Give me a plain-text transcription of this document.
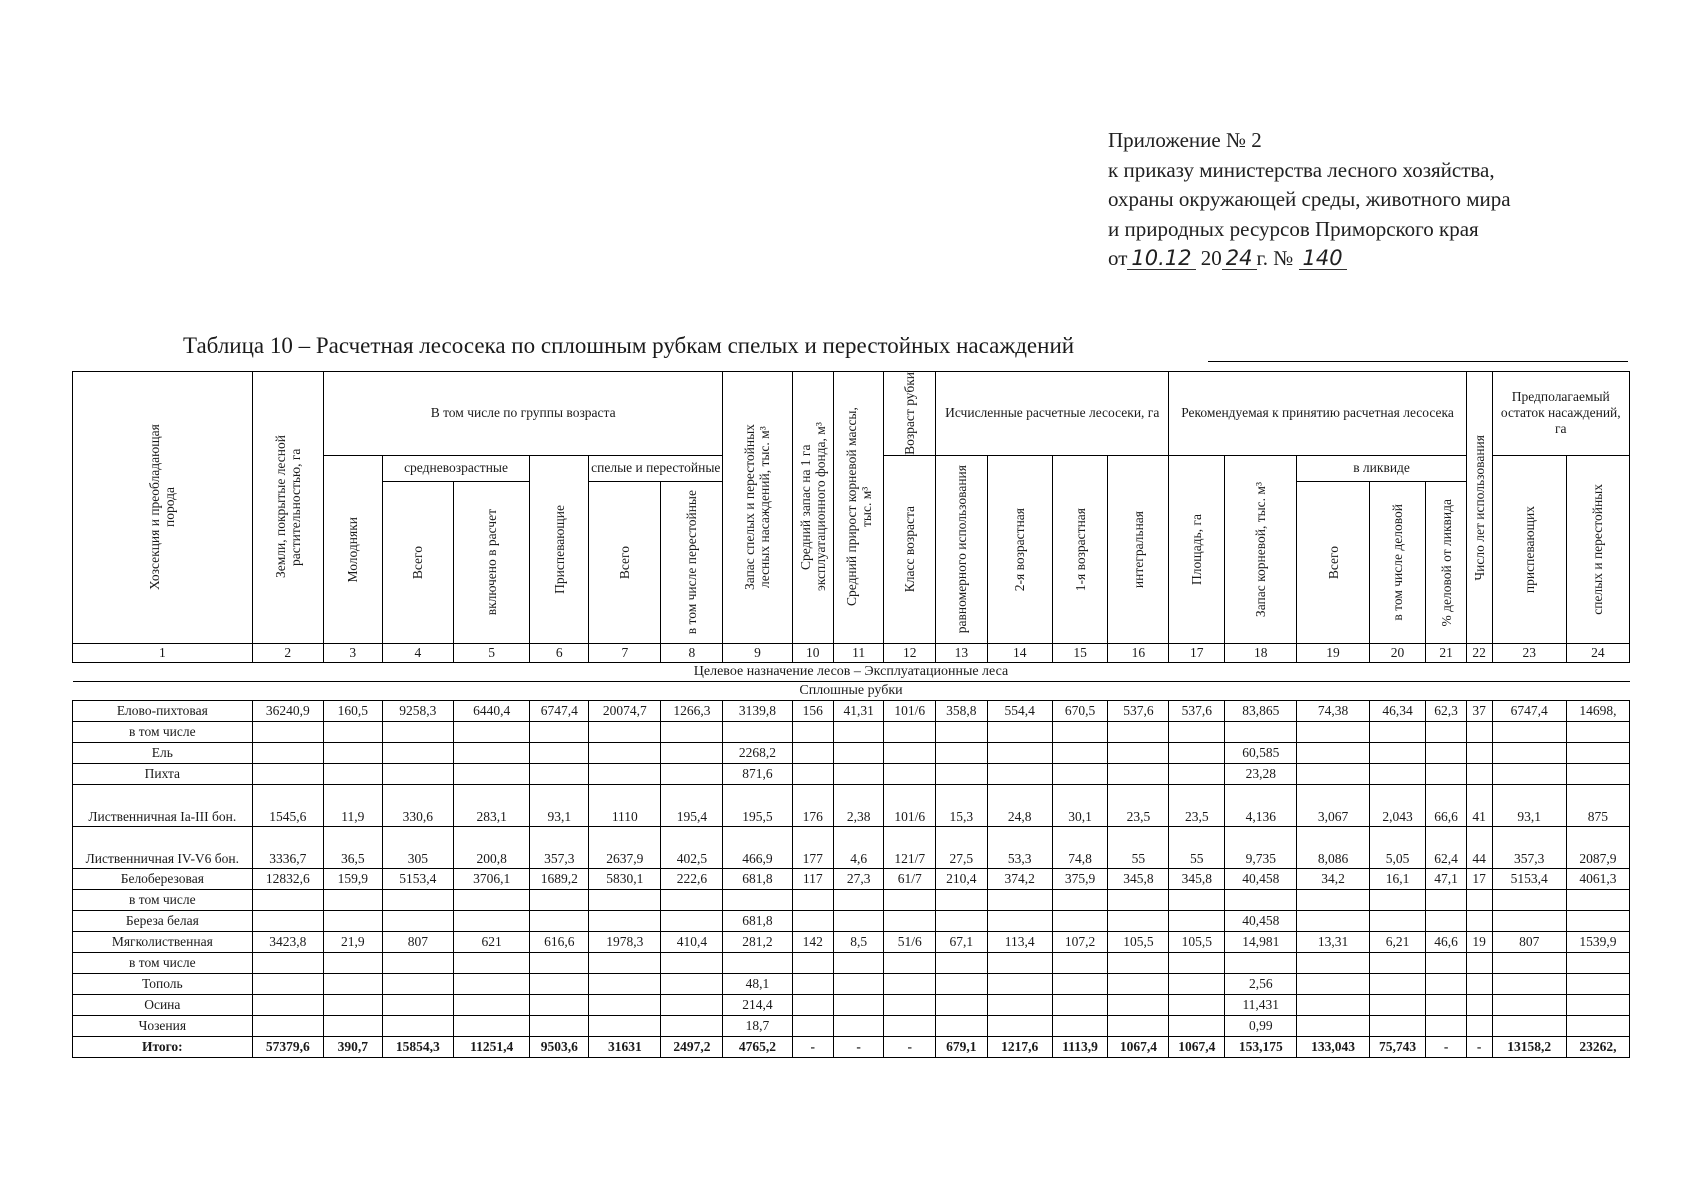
Приложение № 2
к приказу министерства лесного хозяйства,
охраны окружающей среды, животного мира
и природных ресурсов Приморского края
от 10.12 20 24 г. № 140
Таблица 10 – Расчетная лесосека по сплошным рубкам спелых и перестойных насаждений
Хозсекция и преобладающая порода	Земли, покрытые лесной растительностью, га	В том числе по группы возраста						Запас спелых и перестойных лесных насаждений, тыс. м³	Средний запас на 1 га эксплуатационного фонда, м³	Средний прирост корневой массы, тыс. м³	Возраст рубки	Исчисленные расчетные лесосеки, га				Рекомендуемая к принятию расчетная лесосека					Число лет использования	Предполагаемый остаток насаждений, га	

		Молодняки	средневозрастные		Приспевающие	спелые и перестойные					Класс возраста	равномерного использования	2-я возрастная	1-я возрастная	интегральная	Площадь, га	Запас корневой, тыс. м³	в ликвиде				приспевающих	спелых и перестойных

			Всего	включено в расчет		Всего	в том числе перестойные											Всего	в том числе деловой	% деловой от ликвида			

1	2	3	4	5	6	7	8	9	10	11	12	13	14	15	16	17	18	19	20	21	22	23	24
Целевое назначение лесов – Эксплуатационные леса																							
Сплошные рубки																							
Елово-пихтовая	36240,9	160,5	9258,3	6440,4	6747,4	20074,7	1266,3	3139,8	156	41,31	101/6	358,8	554,4	670,5	537,6	537,6	83,865	74,38	46,34	62,3	37	6747,4	14698,
в том числе																							
Ель								2268,2									60,585						
Пихта								871,6									23,28						
Лиственничная Ia-III бон.	1545,6	11,9	330,6	283,1	93,1	1110	195,4	195,5	176	2,38	101/6	15,3	24,8	30,1	23,5	23,5	4,136	3,067	2,043	66,6	41	93,1	875
Лиственничная IV-V6 бон.	3336,7	36,5	305	200,8	357,3	2637,9	402,5	466,9	177	4,6	121/7	27,5	53,3	74,8	55	55	9,735	8,086	5,05	62,4	44	357,3	2087,9
Белоберезовая	12832,6	159,9	5153,4	3706,1	1689,2	5830,1	222,6	681,8	117	27,3	61/7	210,4	374,2	375,9	345,8	345,8	40,458	34,2	16,1	47,1	17	5153,4	4061,3
в том числе																							
Береза белая								681,8									40,458						
Мягколиственная	3423,8	21,9	807	621	616,6	1978,3	410,4	281,2	142	8,5	51/6	67,1	113,4	107,2	105,5	105,5	14,981	13,31	6,21	46,6	19	807	1539,9
в том числе																							
Тополь								48,1									2,56						
Осина								214,4									11,431						
Чозения								18,7									0,99						
Итого:	57379,6	390,7	15854,3	11251,4	9503,6	31631	2497,2	4765,2	-	-	-	679,1	1217,6	1113,9	1067,4	1067,4	153,175	133,043	75,743	-	-	13158,2	23262,
